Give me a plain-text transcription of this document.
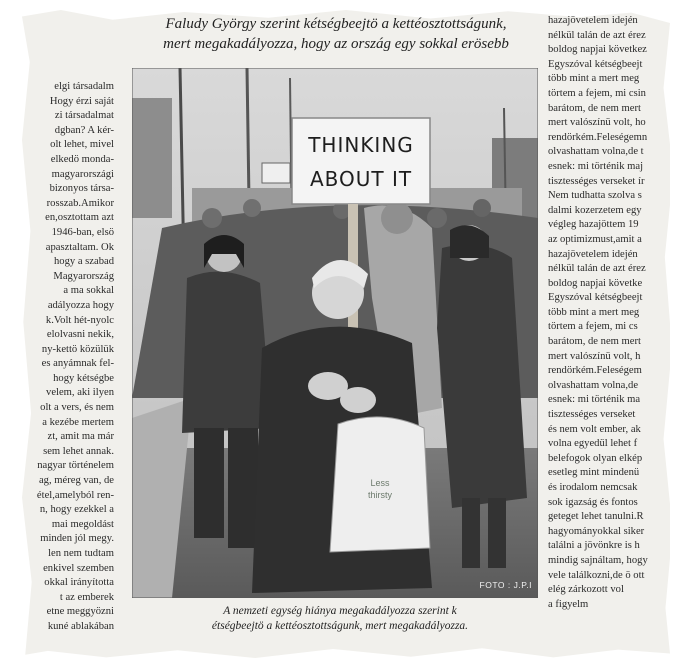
Faludy György szerint kétségbeejtö a kettéosztottságunk,
mert megakadályozza, hogy az ország egy sokkal erösebb
elgi társadalm
Hogy érzi saját
zi társadalmat
dgban? A kér-
olt lehet, mivel
elkedö monda-
magyarországi
bizonyos társa-
rosszab.Amikor
en,osztottam azt
1946-ban, elsö
apasztaltam. Ok
hogy a szabad
Magyarország
a ma sokkal
adályozza hogy
k.Volt hét-nyolc
elolvasni nekik,
ny-kettö közülük
es anyámnak fel-
hogy kétségbe
velem, aki ilyen
olt a vers, és nem
a kezébe mertem
zt, amit ma már
sem lehet annak.
nagyar történelem
ag, méreg van, de
étel,amelyból ren-
n, hogy ezekkel a
mai megoldást
minden jól megy.
len nem tudtam
enkivel szemben
okkal irányította
t az emberek
etne meggyözni
kuné ablakában
hazajövetelem idején
nélkül talán de azt érez
boldog napjai következ
Egyszóval kétségbeejt
több mint a mert meg
törtem a fejem, mi csin
barátom, de nem mert
mert valószínü volt, ho
rendörkém.Feleségemn
olvashattam volna,de t
esnek: mi történik maj
tisztességes verseket ír
Nem tudhatta szolva s
dalmi kozerzetem egy
végleg hazajöttem 19
az optimizmust,amit a
hazajövetelem idején
nélkül talán de azt érez
boldog napjai követke
Egyszóval kétségbeejt
több mint a mert meg
törtem a fejem, mi cs
barátom, de nem mert
mert valószínü volt, h
rendörkém.Feleségem
olvashattam volna,de
esnek: mi történik ma
tisztességes verseket
és nem volt ember, ak
volna egyedül lehet f
belefogok olyan elkép
esetleg mint mindenü
és irodalom nemcsak
sok igazság és fontos
geteget lehet tanulni.R
hagyományokkal siker
találni a jövönkre is h
mindig sajnáltam, hogy
vele találkozni,de ö ott
elég zárkozott vol
a figyelm
THINKING
ABOUT IT
Less
thirsty
FOTO : J.P.I
A nemzeti egység hiánya megakadályozza szerint k
étségbeejtö a kettéosztottságunk, mert megakadályozza.
